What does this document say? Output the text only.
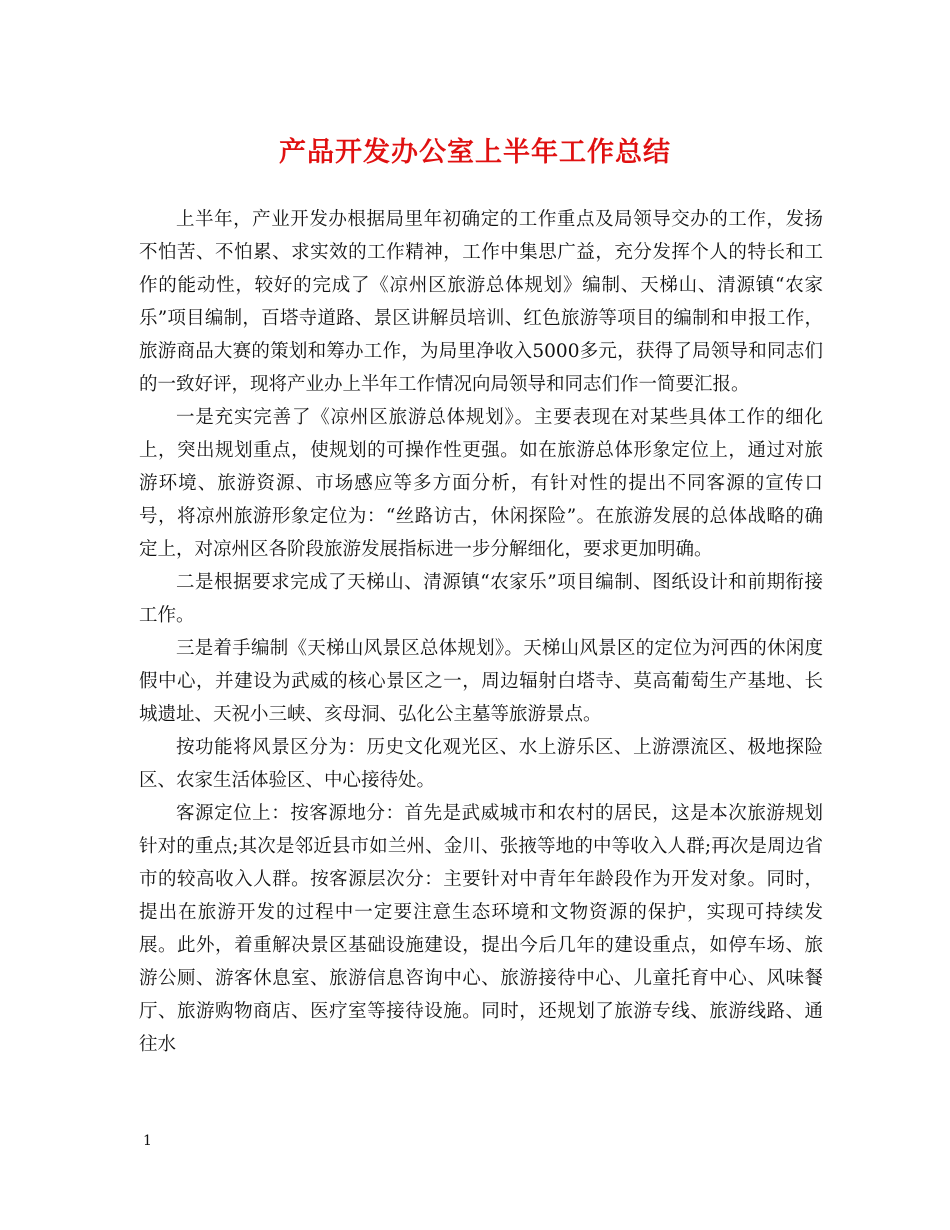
产品开发办公室上半年工作总结

上半年，产业开发办根据局里年初确定的工作重点及局领导交办的工作，发扬不怕苦、不怕累、求实效的工作精神，工作中集思广益，充分发挥个人的特长和工作的能动性，较好的完成了《凉州区旅游总体规划》编制、天梯山、清源镇“农家乐”项目编制，百塔寺道路、景区讲解员培训、红色旅游等项目的编制和申报工作，旅游商品大赛的策划和筹办工作，为局里净收入5000多元，获得了局领导和同志们的一致好评，现将产业办上半年工作情况向局领导和同志们作一简要汇报。

一是充实完善了《凉州区旅游总体规划》。主要表现在对某些具体工作的细化上，突出规划重点，使规划的可操作性更强。如在旅游总体形象定位上，通过对旅游环境、旅游资源、市场感应等多方面分析，有针对性的提出不同客源的宣传口号，将凉州旅游形象定位为：“丝路访古，休闲探险”。在旅游发展的总体战略的确定上，对凉州区各阶段旅游发展指标进一步分解细化，要求更加明确。

二是根据要求完成了天梯山、清源镇“农家乐”项目编制、图纸设计和前期衔接工作。

三是着手编制《天梯山风景区总体规划》。天梯山风景区的定位为河西的休闲度假中心，并建设为武威的核心景区之一，周边辐射白塔寺、莫高葡萄生产基地、长城遗址、天祝小三峡、亥母洞、弘化公主墓等旅游景点。

按功能将风景区分为：历史文化观光区、水上游乐区、上游漂流区、极地探险区、农家生活体验区、中心接待处。

客源定位上：按客源地分：首先是武威城市和农村的居民，这是本次旅游规划针对的重点;其次是邻近县市如兰州、金川、张掖等地的中等收入人群;再次是周边省市的较高收入人群。按客源层次分：主要针对中青年年龄段作为开发对象。同时，提出在旅游开发的过程中一定要注意生态环境和文物资源的保护，实现可持续发展。此外，着重解决景区基础设施建设，提出今后几年的建设重点，如停车场、旅游公厕、游客休息室、旅游信息咨询中心、旅游接待中心、儿童托育中心、风味餐厅、旅游购物商店、医疗室等接待设施。同时，还规划了旅游专线、旅游线路、通往水

1
